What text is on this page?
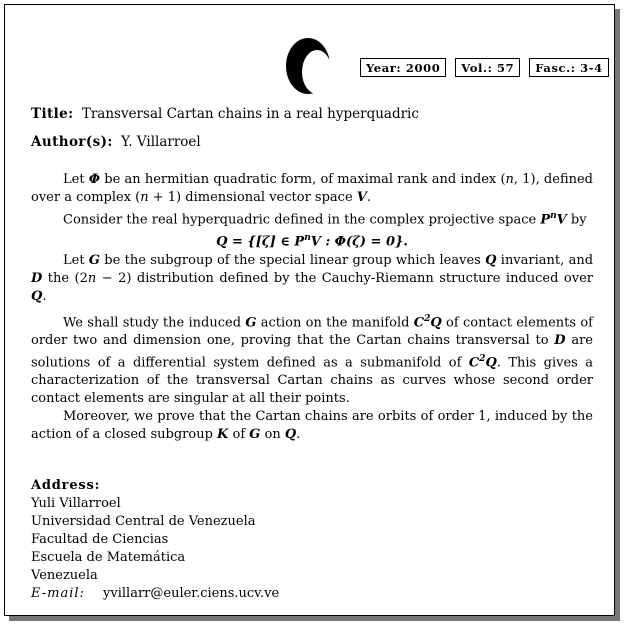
Year: 2000	Vol.: 57	Fasc.: 3-4
Title: Transversal Cartan chains in a real hyperquadric
Author(s): Y. Villarroel

Let Φ be an hermitian quadratic form, of maximal rank and index (n, 1), defined over a complex (n + 1) dimensional vector space V.

Consider the real hyperquadric defined in the complex projective space $P^nV$ by

Q = {[ζ] ∈ $P^nV$ : Φ(ζ) = 0}.

Let G be the subgroup of the special linear group which leaves Q invariant, and D the (2n − 2) distribution defined by the Cauchy-Riemann structure induced over Q.

We shall study the induced G action on the manifold $C^2Q$ of contact elements of order two and dimension one, proving that the Cartan chains transversal to D are solutions of a differential system defined as a submanifold of $C^2Q$. This gives a characterization of the transversal Cartan chains as curves whose second order contact elements are singular at all their points.

Moreover, we prove that the Cartan chains are orbits of order 1, induced by the action of a closed subgroup K of G on Q.

Address:
Yuli Villarroel
Universidad Central de Venezuela
Facultad de Ciencias
Escuela de Matemática
Venezuela
E-mail: yvillarr@euler.ciens.ucv.ve
